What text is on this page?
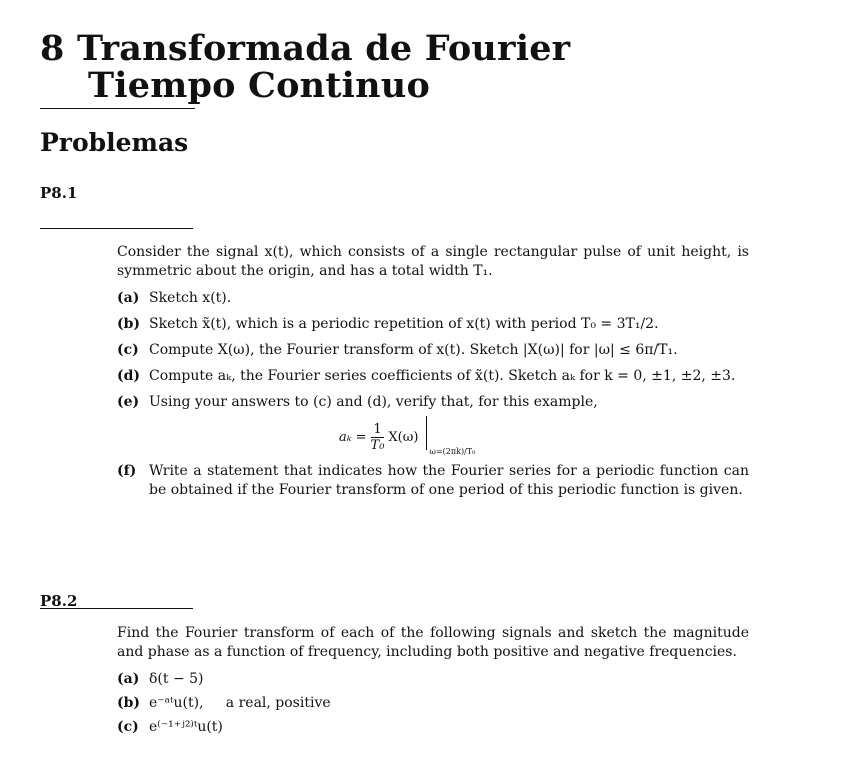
8 Transformada de Fourier
Tiempo Continuo
Problemas
P8.1

Consider the signal x(t), which consists of a single rectangular pulse of unit height, is symmetric about the origin, and has a total width T₁.

(a) Sketch x(t).
(b) Sketch x̃(t), which is a periodic repetition of x(t) with period T₀ = 3T₁/2.
(c) Compute X(ω), the Fourier transform of x(t). Sketch |X(ω)| for |ω| ≤ 6π/T₁.
(d) Compute aₖ, the Fourier series coefficients of x̃(t). Sketch aₖ for k = 0, ±1, ±2, ±3.
(e) Using your answers to (c) and (d), verify that, for this example,
$a_k = \frac{1}{\text{T₀}} X(\omega)$
ω=(2πk)/T₀
(f) Write a statement that indicates how the Fourier series for a periodic function can be obtained if the Fourier transform of one period of this periodic function is given.
P8.2

Find the Fourier transform of each of the following signals and sketch the magnitude and phase as a function of frequency, including both positive and negative frequencies.

(a) δ(t − 5)
(b) e⁻ᵃᵗu(t),     a real, positive
(c) e⁽⁻¹⁺ʲ²⁾ᵗu(t)
